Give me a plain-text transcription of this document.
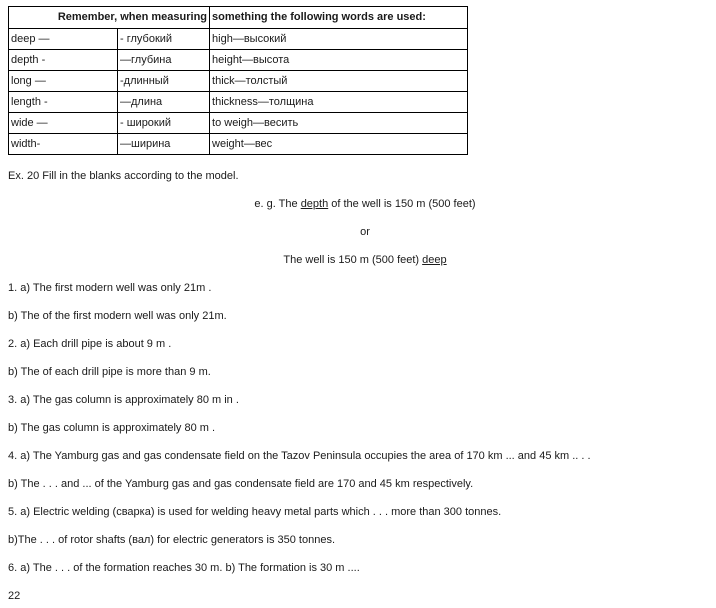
Remember, when measuring		something the following words are used:
deep —	- глубокий	high—высокий
depth -	—глубина	height—высота
long —	-длинный	thick—толстый
length -	—длина	thickness—толщина
wide —	- широкий	to weigh—весить
width-	—ширина	weight—вес
Ex. 20 Fill in the blanks according to the model.
e. g. The depth of the well is 150 m (500 feet)
or
The well is 150 m (500 feet) deep
1. a) The first modern well was only 21m .
b) The of the first modern well was only 21m.
2. a) Each drill pipe is about 9 m .
b) The of each drill pipe is more than 9 m.
3. a) The gas column is approximately 80 m in .
b) The gas column is approximately 80 m .
4. a) The Yamburg gas and gas condensate field on the Tazov Peninsula occupies the area of 170 km ... and 45 km .. . .
b) The . . . and ... of the Yamburg gas and gas condensate field are 170 and 45 km respectively.
5. a) Electric welding (сварка) is used for welding heavy metal parts which . . . more than 300 tonnes.
b)The . . . of rotor shafts (вал) for electric generators is 350 tonnes.
6. a) The . . . of the formation reaches 30 m. b) The formation is 30 m ....
22
